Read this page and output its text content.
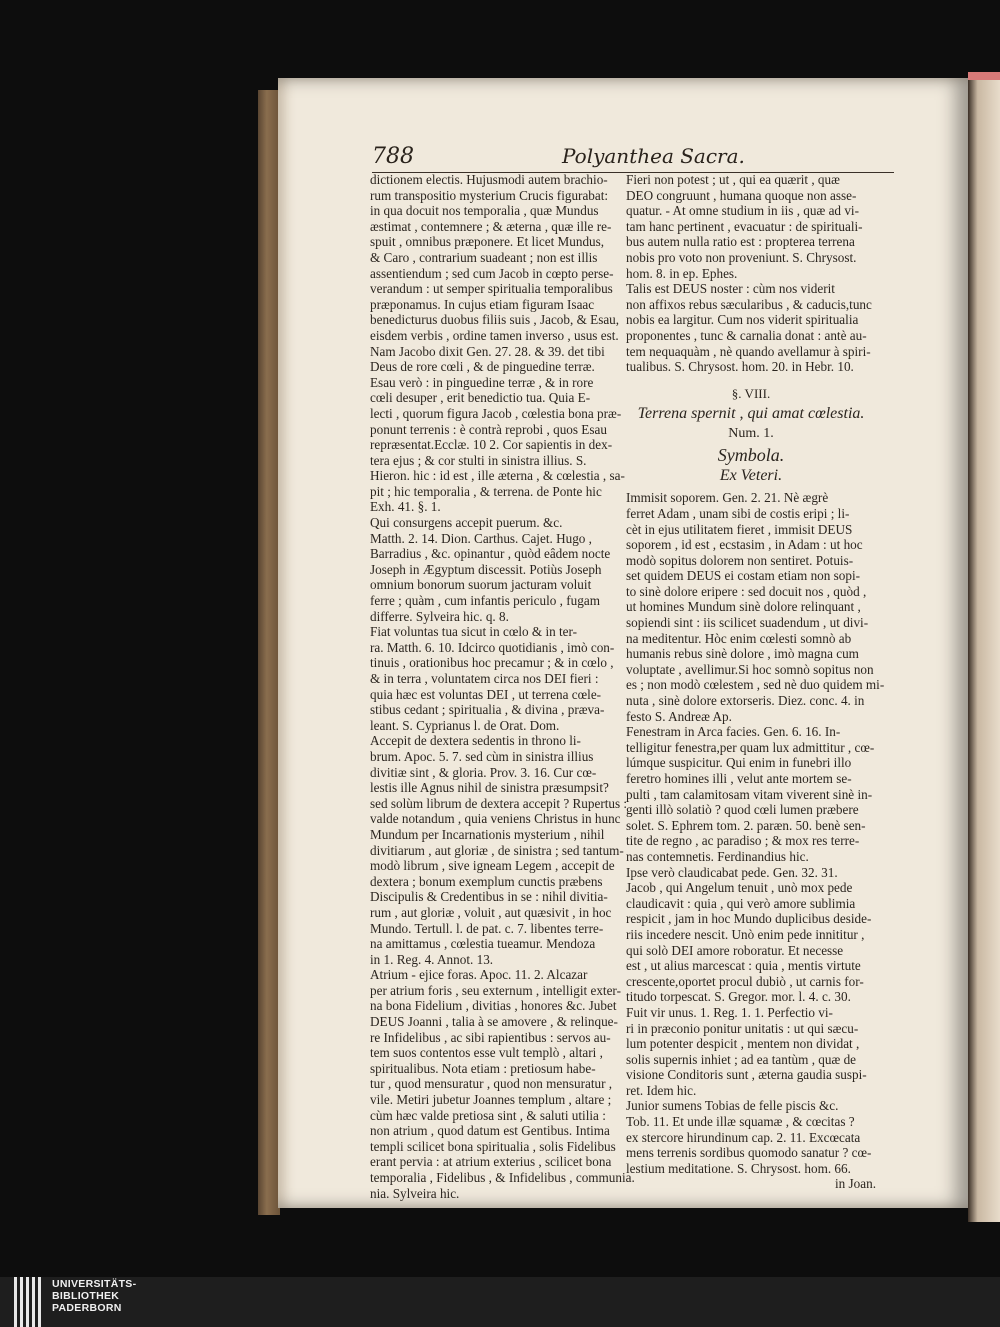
788	Polyanthea Sacra.

dictionem electis. Hujusmodi autem brachio-

rum transpositio mysterium Crucis figurabat:

in qua docuit nos temporalia , quæ Mundus

æstimat , contemnere ; & æterna , quæ ille re-

spuit , omnibus præponere. Et licet Mundus,

& Caro , contrarium suadeant ; non est illis

assentiendum ; sed cum Jacob in cœpto perse-

verandum : ut semper spiritualia temporalibus

præponamus. In cujus etiam figuram Isaac

benedicturus duobus filiis suis , Jacob, & Esau,

eisdem verbis , ordine tamen inverso , usus est.

Nam Jacobo dixit Gen. 27. 28. & 39. det tibi

Deus de rore cœli , & de pinguedine terræ.

Esau verò : in pinguedine terræ , & in rore

cœli desuper , erit benedictio tua. Quia E-

lecti , quorum figura Jacob , cœlestia bona præ-

ponunt terrenis : è contrà reprobi , quos Esau

repræsentat.Ecclæ. 10 2. Cor sapientis in dex-

tera ejus ; & cor stulti in sinistra illius. S.

Hieron. hic : id est , ille æterna , & cœlestia , sa-

pit ; hic temporalia , & terrena. de Ponte hic

Exh. 41. §. 1.

Qui consurgens accepit puerum. &c.

Matth. 2. 14. Dion. Carthus. Cajet. Hugo ,

Barradius , &c. opinantur , quòd eâdem nocte

Joseph in Ægyptum discessit. Potiùs Joseph

omnium bonorum suorum jacturam voluit

ferre ; quàm , cum infantis periculo , fugam

differre. Sylveira hic. q. 8.

Fiat voluntas tua sicut in cœlo & in ter-

ra. Matth. 6. 10. Idcirco quotidianis , imò con-

tinuis , orationibus hoc precamur ; & in cœlo ,

& in terra , voluntatem circa nos DEI fieri :

quia hæc est voluntas DEI , ut terrena cœle-

stibus cedant ; spiritualia , & divina , præva-

leant. S. Cyprianus l. de Orat. Dom.

Accepit de dextera sedentis in throno li-

brum. Apoc. 5. 7. sed cùm in sinistra illius

divitiæ sint , & gloria. Prov. 3. 16. Cur cœ-

lestis ille Agnus nihil de sinistra præsumpsit?

sed solùm librum de dextera accepit ? Rupertus :

valde notandum , quia veniens Christus in hunc

Mundum per Incarnationis mysterium , nihil

divitiarum , aut gloriæ , de sinistra ; sed tantum-

modò librum , sive igneam Legem , accepit de

dextera ; bonum exemplum cunctis præbens

Discipulis & Credentibus in se : nihil divitia-

rum , aut gloriæ , voluit , aut quæsivit , in hoc

Mundo. Tertull. l. de pat. c. 7. libentes terre-

na amittamus , cœlestia tueamur. Mendoza

in 1. Reg. 4. Annot. 13.

Atrium - ejice foras. Apoc. 11. 2. Alcazar

per atrium foris , seu externum , intelligit exter-

na bona Fidelium , divitias , honores &c. Jubet

DEUS Joanni , talia à se amovere , & relinque-

re Infidelibus , ac sibi rapientibus : servos au-

tem suos contentos esse vult templò , altari ,

spiritualibus. Nota etiam : pretiosum habe-

tur , quod mensuratur , quod non mensuratur ,

vile. Metiri jubetur Joannes templum , altare ;

cùm hæc valde pretiosa sint , & saluti utilia :

non atrium , quod datum est Gentibus. Intima

templi scilicet bona spiritualia , solis Fidelibus

erant pervia : at atrium exterius , scilicet bona

temporalia , Fidelibus , & Infidelibus , communia.

nia. Sylveira hic.

Fieri non potest ; ut , qui ea quærit , quæ

DEO congruunt , humana quoque non asse-

quatur. - At omne studium in iis , quæ ad vi-

tam hanc pertinent , evacuatur : de spirituali-

bus autem nulla ratio est : propterea terrena

nobis pro voto non proveniunt. S. Chrysost.

hom. 8. in ep. Ephes.

Talis est DEUS noster : cùm nos viderit

non affixos rebus sæcularibus , & caducis,tunc

nobis ea largitur. Cum nos viderit spiritualia

proponentes , tunc & carnalia donat : antè au-

tem nequaquàm , nè quando avellamur à spiri-

tualibus. S. Chrysost. hom. 20. in Hebr. 10.

§. VIII.

Terrena spernit , qui amat cœlestia.

Num. 1.

Symbola.

Ex Veteri.

Immisit soporem. Gen. 2. 21. Nè ægrè

ferret Adam , unam sibi de costis eripi ; li-

cèt in ejus utilitatem fieret , immisit DEUS

soporem , id est , ecstasim , in Adam : ut hoc

modò sopitus dolorem non sentiret. Potuis-

set quidem DEUS ei costam etiam non sopi-

to sinè dolore eripere : sed docuit nos , quòd ,

ut homines Mundum sinè dolore relinquant ,

sopiendi sint : iis scilicet suadendum , ut divi-

na meditentur. Hòc enim cœlesti somnò ab

humanis rebus sinè dolore , imò magna cum

voluptate , avellimur.Si hoc somnò sopitus non

es ; non modò cœlestem , sed nè duo quidem mi-

nuta , sinè dolore extorseris. Diez. conc. 4. in

festo S. Andreæ Ap.

Fenestram in Arca facies. Gen. 6. 16. In-

telligitur fenestra,per quam lux admittitur , cœ-

lúmque suspicitur. Qui enim in funebri illo

feretro homines illi , velut ante mortem se-

pulti , tam calamitosam vitam viverent sinè in-

genti illò solatiò ? quod cœli lumen præbere

solet. S. Ephrem tom. 2. paræn. 50. benè sen-

tite de regno , ac paradiso ; & mox res terre-

nas contemnetis. Ferdinandius hic.

Ipse verò claudicabat pede. Gen. 32. 31.

Jacob , qui Angelum tenuit , unò mox pede

claudicavit : quia , qui verò amore sublimia

respicit , jam in hoc Mundo duplicibus deside-

riis incedere nescit. Unò enim pede innititur ,

qui solò DEI amore roboratur. Et necesse

est , ut alius marcescat : quia , mentis virtute

crescente,oportet procul dubiò , ut carnis for-

titudo torpescat. S. Gregor. mor. l. 4. c. 30.

Fuit vir unus. 1. Reg. 1. 1. Perfectio vi-

ri in præconio ponitur unitatis : ut qui sæcu-

lum potenter despicit , mentem non dividat ,

solis supernis inhiet ; ad ea tantùm , quæ de

visione Conditoris sunt , æterna gaudia suspi-

ret. Idem hic.

Junior sumens Tobias de felle piscis &c.

Tob. 11. Et unde illæ squamæ , & cœcitas ?

ex stercore hirundinum cap. 2. 11. Excœcata

mens terrenis sordibus quomodo sanatur ? cœ-

lestium meditatione. S. Chrysost. hom. 66.

in Joan.

UNIVERSITÄTS-
BIBLIOTHEK
PADERBORN
